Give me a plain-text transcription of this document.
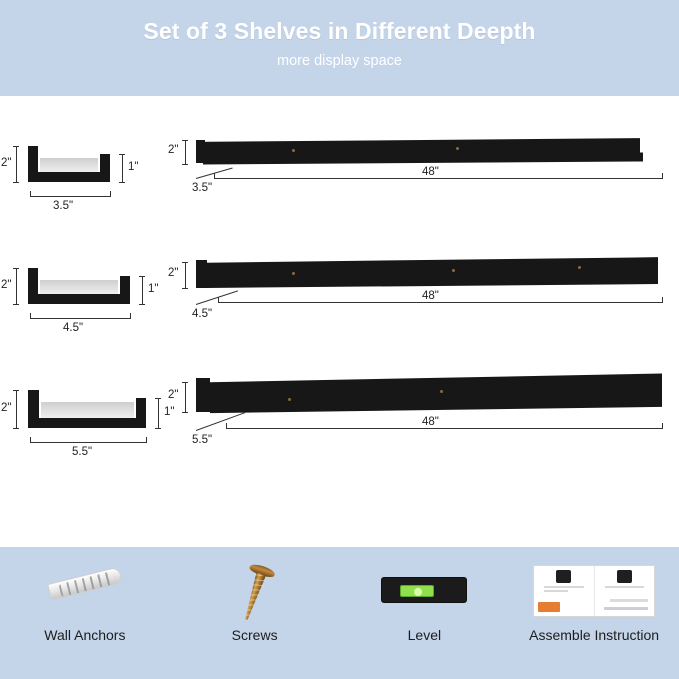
Set of 3 Shelves in Different Deepth

more display space

2"	1"
3.5"
2"
3.5"
48"
2"	1"
4.5"
2"
4.5"
48"
2"	1"
5.5"
2"
5.5"
48"
Wall Anchors	Screws	Level	Assemble Instruction
